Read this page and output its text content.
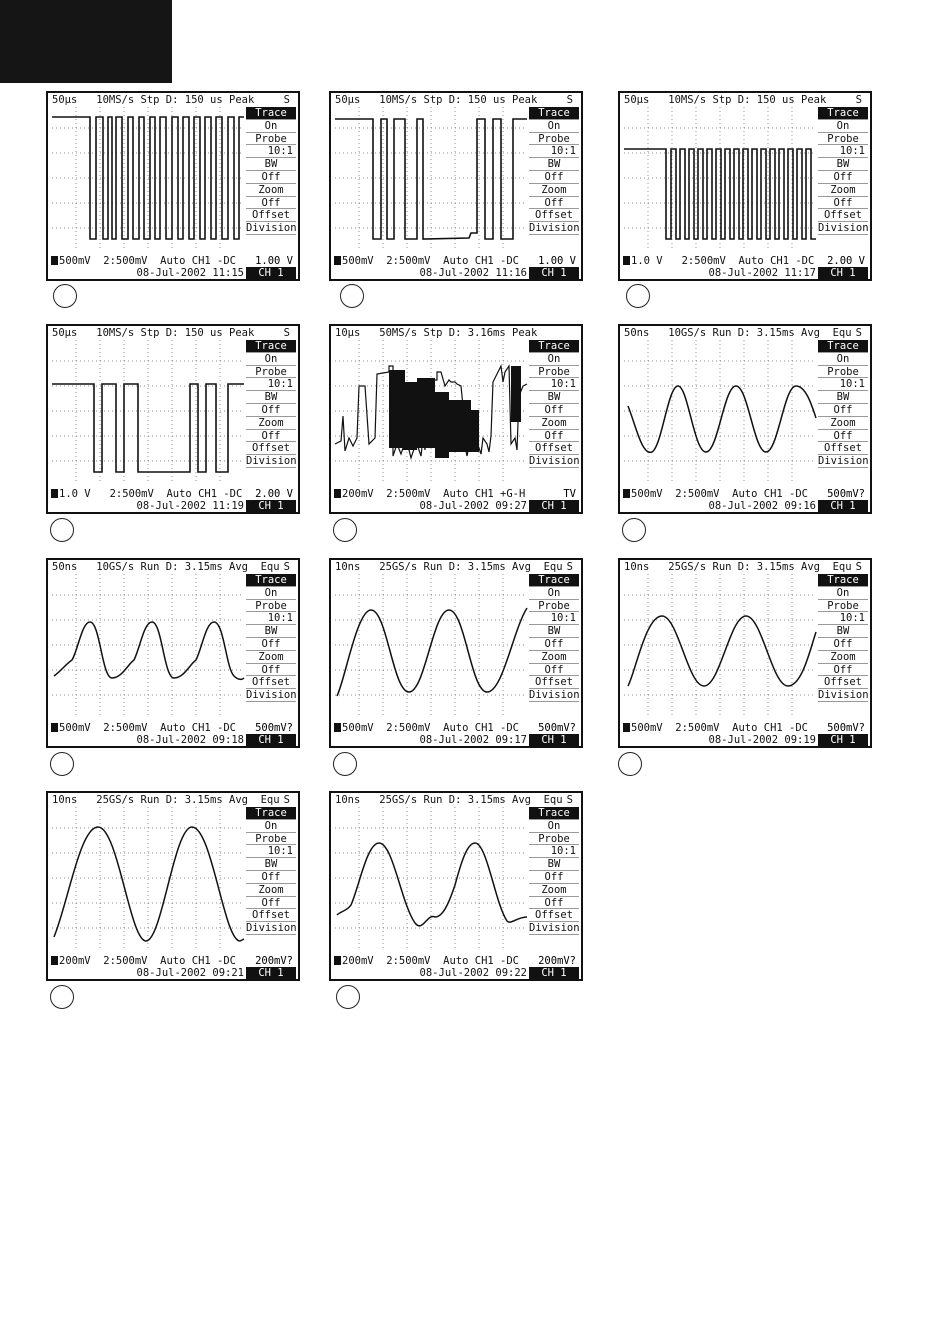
50µs   10MS/s Stp D: 150 us Peak	S
Trace
On
Probe
10:1
BW
Off
Zoom
Off
Offset
Division
500mV  2:500mV  Auto CH1 -DC
08-Jul-2002 11:15
1.00 V
CH 1
50µs   10MS/s Stp D: 150 us Peak	S
Trace
On
Probe
10:1
BW
Off
Zoom
Off
Offset
Division
500mV  2:500mV  Auto CH1 -DC
08-Jul-2002 11:16
1.00 V
CH 1
50µs   10MS/s Stp D: 150 us Peak	S
Trace
On
Probe
10:1
BW
Off
Zoom
Off
Offset
Division
1.0 V   2:500mV  Auto CH1 -DC
08-Jul-2002 11:17
2.00 V
CH 1
50µs   10MS/s Stp D: 150 us Peak	S
Trace
On
Probe
10:1
BW
Off
Zoom
Off
Offset
Division
1.0 V   2:500mV  Auto CH1 -DC
08-Jul-2002 11:19
2.00 V
CH 1
10µs   50MS/s Stp D: 3.16ms Peak
Trace
On
Probe
10:1
BW
Off
Zoom
Off
Offset
Division
200mV  2:500mV  Auto CH1 +G-H
08-Jul-2002 09:27
TV
CH 1
50ns   10GS/s Run D: 3.15ms Avg  Equ S
Trace
On
Probe
10:1
BW
Off
Zoom
Off
Offset
Division
500mV  2:500mV  Auto CH1 -DC
08-Jul-2002 09:16
500mV?
CH 1
50ns   10GS/s Run D: 3.15ms Avg  Equ S
Trace
On
Probe
10:1
BW
Off
Zoom
Off
Offset
Division
500mV  2:500mV  Auto CH1 -DC
08-Jul-2002 09:18
500mV?
CH 1
10ns   25GS/s Run D: 3.15ms Avg  Equ S
Trace
On
Probe
10:1
BW
Off
Zoom
Off
Offset
Division
500mV  2:500mV  Auto CH1 -DC
08-Jul-2002 09:17
500mV?
CH 1
10ns   25GS/s Run D: 3.15ms Avg  Equ S
Trace
On
Probe
10:1
BW
Off
Zoom
Off
Offset
Division
500mV  2:500mV  Auto CH1 -DC
08-Jul-2002 09:19
500mV?
CH 1
10ns   25GS/s Run D: 3.15ms Avg  Equ S
Trace
On
Probe
10:1
BW
Off
Zoom
Off
Offset
Division
200mV  2:500mV  Auto CH1 -DC
08-Jul-2002 09:21
200mV?
CH 1
10ns   25GS/s Run D: 3.15ms Avg  Equ S
Trace
On
Probe
10:1
BW
Off
Zoom
Off
Offset
Division
200mV  2:500mV  Auto CH1 -DC
08-Jul-2002 09:22
200mV?
CH 1
